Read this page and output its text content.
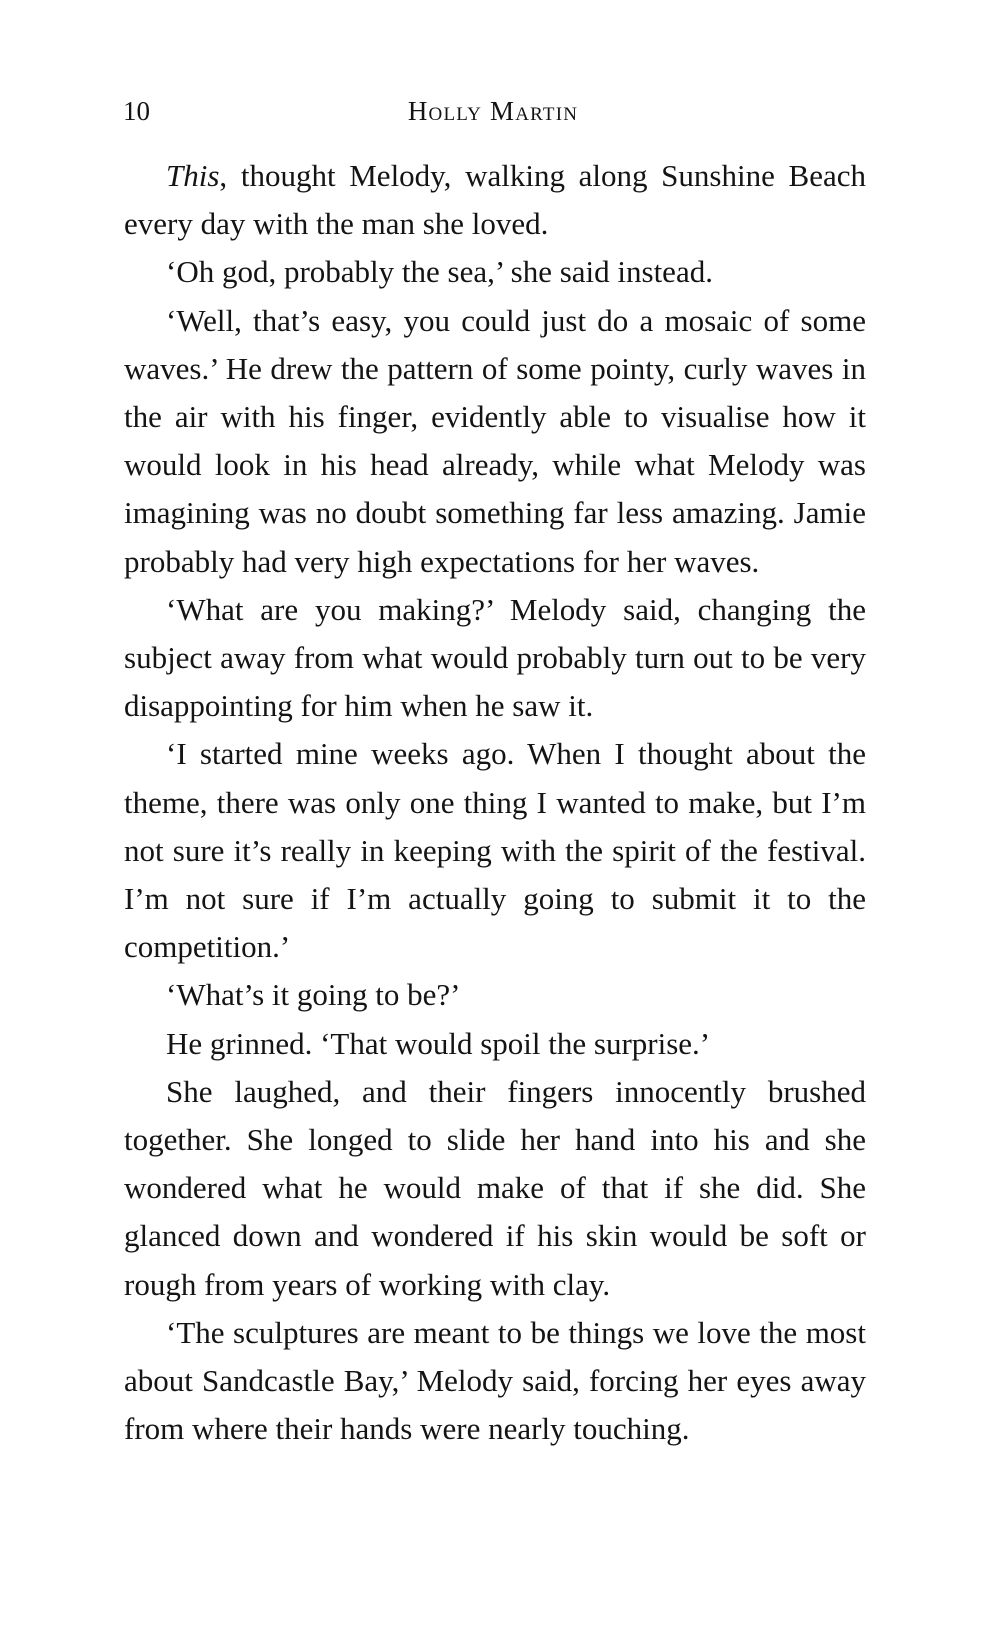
10	Holly Martin

This, thought Melody, walking along Sunshine Beach every day with the man she loved.

‘Oh god, probably the sea,’ she said instead.

‘Well, that’s easy, you could just do a mosaic of some waves.’ He drew the pattern of some pointy, curly waves in the air with his finger, evidently able to visualise how it would look in his head already, while what Melody was imagining was no doubt something far less amazing. Jamie probably had very high expectations for her waves.

‘What are you making?’ Melody said, changing the subject away from what would probably turn out to be very disappointing for him when he saw it.

‘I started mine weeks ago. When I thought about the theme, there was only one thing I wanted to make, but I’m not sure it’s really in keeping with the spirit of the festival. I’m not sure if I’m actually going to submit it to the competition.’

‘What’s it going to be?’

He grinned. ‘That would spoil the surprise.’

She laughed, and their fingers innocently brushed together. She longed to slide her hand into his and she wondered what he would make of that if she did. She glanced down and wondered if his skin would be soft or rough from years of working with clay.

‘The sculptures are meant to be things we love the most about Sandcastle Bay,’ Melody said, forcing her eyes away from where their hands were nearly touching.
